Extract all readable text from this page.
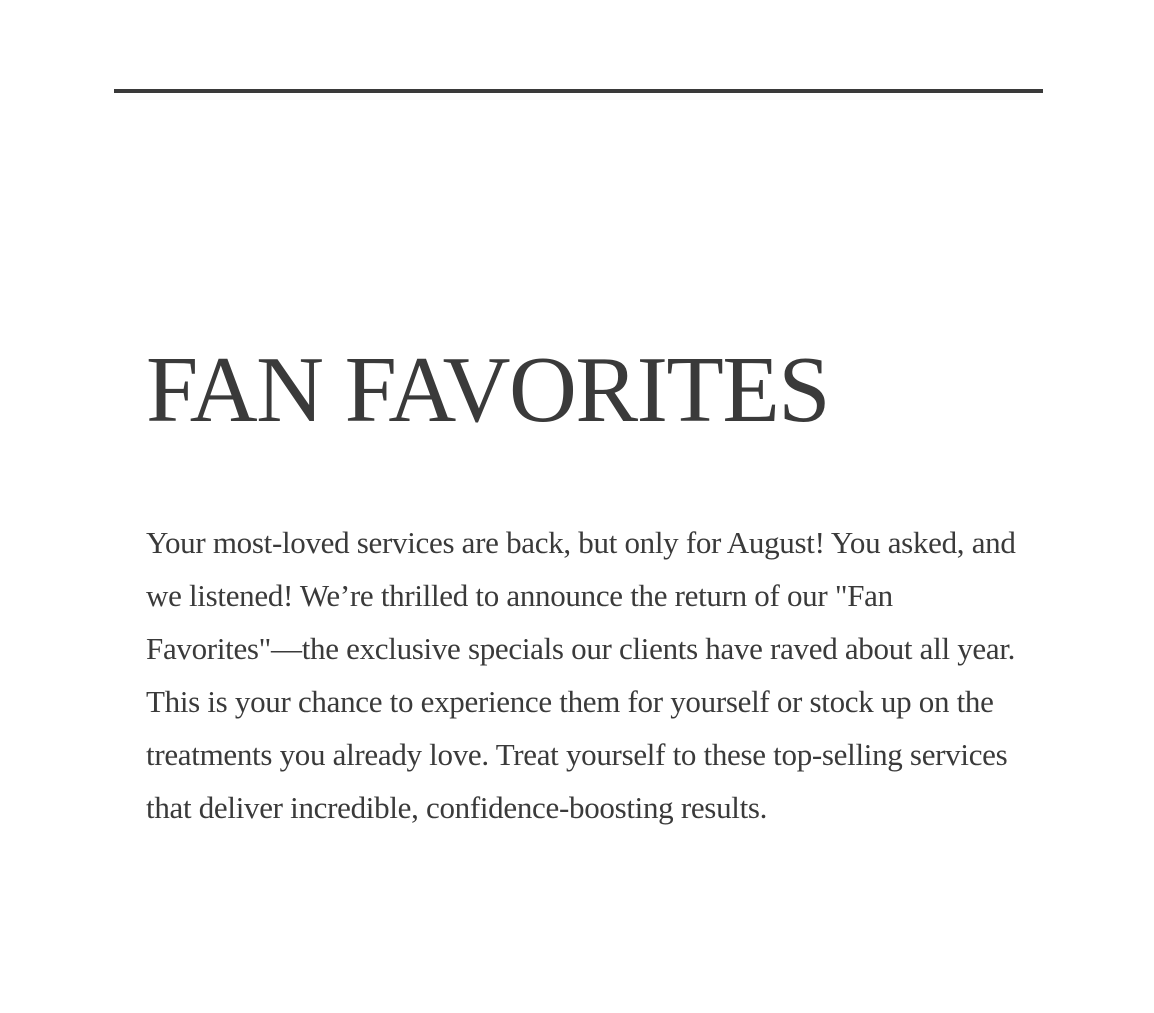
FAN FAVORITES

Your most-loved services are back, but only for August! You asked, and we listened! We’re thrilled to announce the return of our "Fan Favorites"—the exclusive specials our clients have raved about all year. This is your chance to experience them for yourself or stock up on the treatments you already love. Treat yourself to these top-selling services that deliver incredible, confidence-boosting results.
